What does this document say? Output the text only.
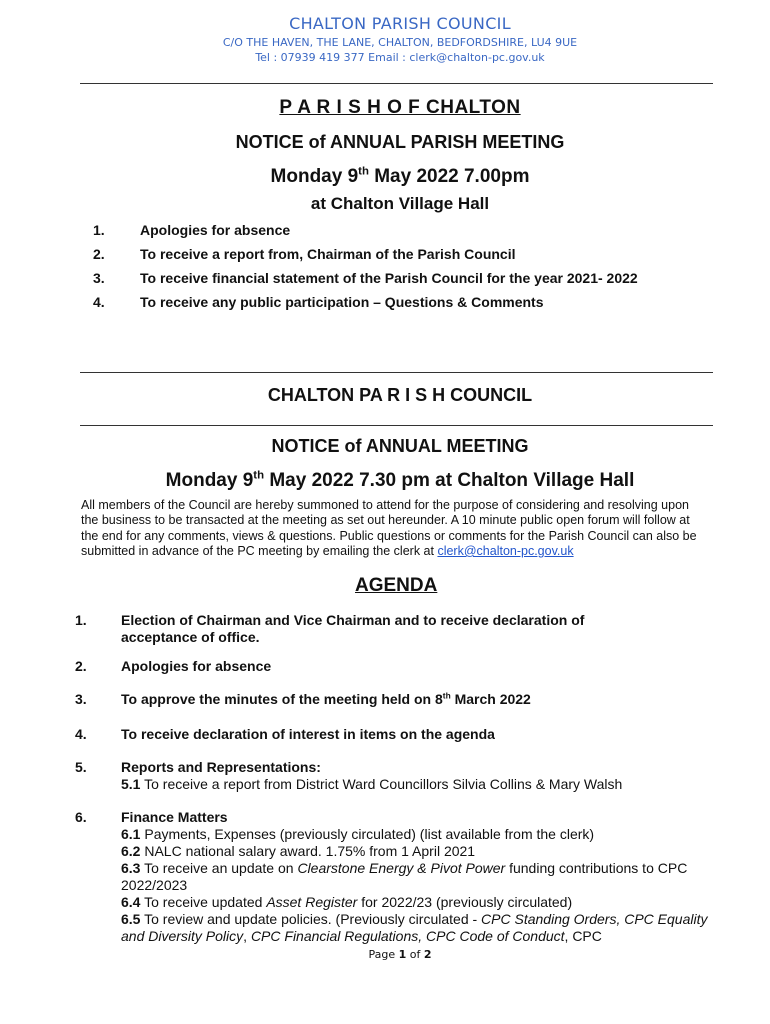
CHALTON PARISH COUNCIL
C/O THE HAVEN, THE LANE, CHALTON, BEDFORDSHIRE, LU4 9UE
Tel : 07939 419 377 Email : clerk@chalton-pc.gov.uk
P A R I S H O F CHALTON
NOTICE of ANNUAL PARISH MEETING
Monday 9th May 2022 7.00pm
at Chalton Village Hall
1.	Apologies for absence
2.	To receive a report from, Chairman of the Parish Council
3.	To receive financial statement of the Parish Council for the year 2021- 2022
4.	To receive any public participation – Questions & Comments
CHALTON PA R I S H COUNCIL
NOTICE of ANNUAL MEETING
Monday 9th May 2022 7.30 pm at Chalton Village Hall
All members of the Council are hereby summoned to attend for the purpose of considering and resolving upon the business to be transacted at the meeting as set out hereunder. A 10 minute public open forum will follow at the end for any comments, views & questions. Public questions or comments for the Parish Council can also be submitted in advance of the PC meeting by emailing the clerk at clerk@chalton-pc.gov.uk
AGENDA
1. Election of Chairman and Vice Chairman and to receive declaration of
acceptance of office.
2. Apologies for absence
3. To approve the minutes of the meeting held on 8th March 2022
4. To receive declaration of interest in items on the agenda
5. Reports and Representations:
5.1 To receive a report from District Ward Councillors Silvia Collins & Mary Walsh
6. Finance Matters
6.1 Payments, Expenses (previously circulated) (list available from the clerk)
6.2 NALC national salary award. 1.75% from 1 April 2021
6.3 To receive an update on Clearstone Energy & Pivot Power funding contributions to CPC 2022/2023
6.4 To receive updated Asset Register for 2022/23 (previously circulated)
6.5 To review and update policies. (Previously circulated - CPC Standing Orders, CPC Equality and Diversity Policy, CPC Financial Regulations, CPC Code of Conduct, CPC
Page 1 of 2
